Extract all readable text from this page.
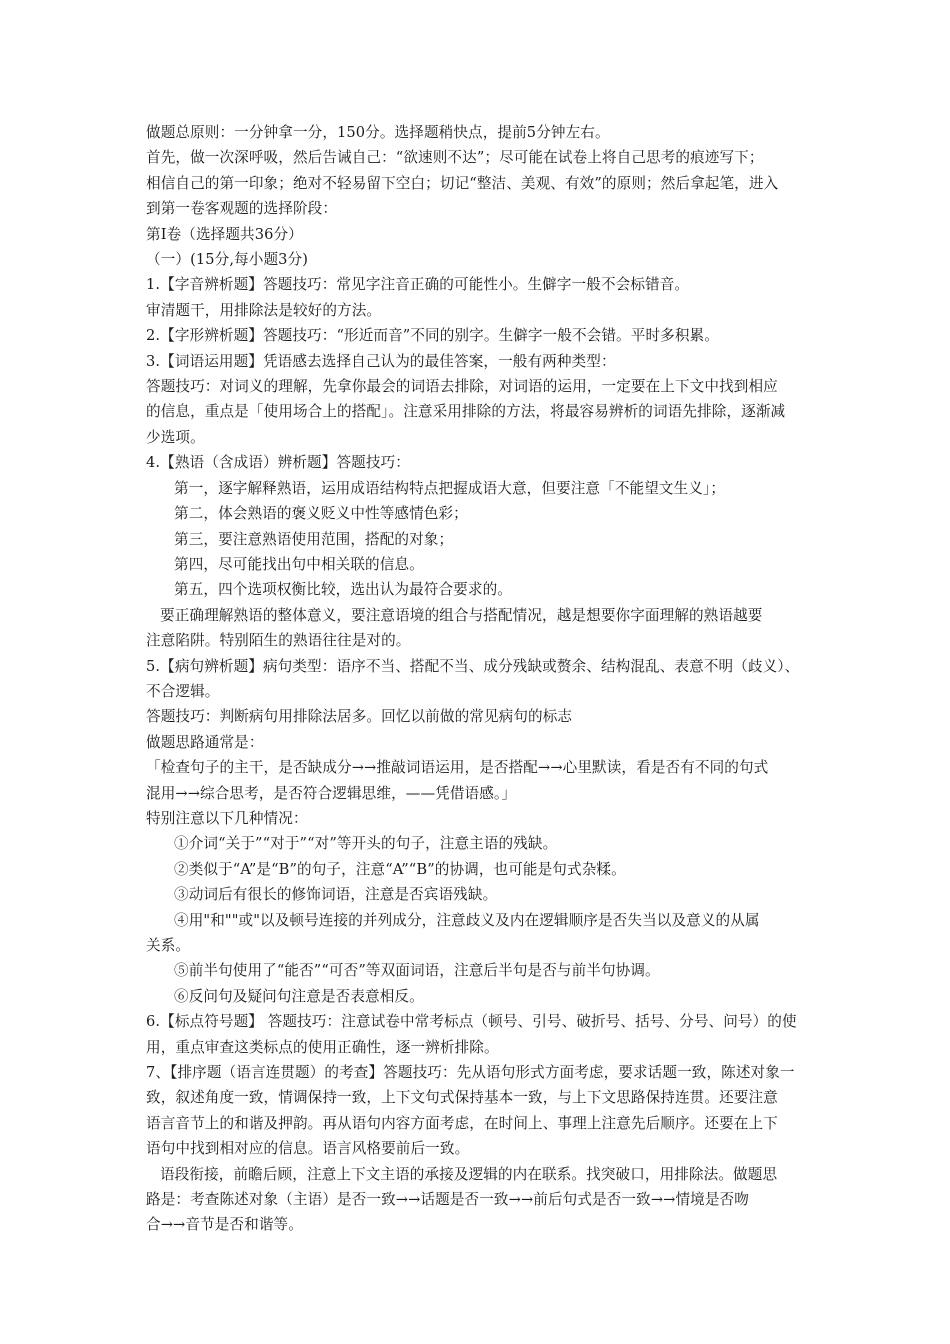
做题总原则：一分钟拿一分，150分。选择题稍快点，提前5分钟左右。
首先，做一次深呼吸，然后告诫自己：“欲速则不达”；尽可能在试卷上将自己思考的痕迹写下；
相信自己的第一印象；绝对不轻易留下空白；切记“整洁、美观、有效”的原则；然后拿起笔，进入
到第一卷客观题的选择阶段：
第Ⅰ卷（选择题共36分）
（一）(15分,每小题3分)
1.【字音辨析题】答题技巧：常见字注音正确的可能性小。生僻字一般不会标错音。
审清题干，用排除法是较好的方法。
2.【字形辨析题】答题技巧：“形近而音”不同的别字。生僻字一般不会错。平时多积累。
3.【词语运用题】凭语感去选择自己认为的最佳答案，一般有两种类型：
答题技巧：对词义的理解，先拿你最会的词语去排除，对词语的运用，一定要在上下文中找到相应
的信息，重点是「使用场合上的搭配」。注意采用排除的方法，将最容易辨析的词语先排除，逐渐减
少选项。
4.【熟语（含成语）辨析题】答题技巧：
第一，逐字解释熟语，运用成语结构特点把握成语大意，但要注意「不能望文生义」；
第二，体会熟语的褒义贬义中性等感情色彩；
第三，要注意熟语使用范围，搭配的对象；
第四，尽可能找出句中相关联的信息。
第五，四个选项权衡比较，选出认为最符合要求的。
要正确理解熟语的整体意义，要注意语境的组合与搭配情况，越是想要你字面理解的熟语越要
注意陷阱。特别陌生的熟语往往是对的。
5.【病句辨析题】病句类型：语序不当、搭配不当、成分残缺或赘余、结构混乱、表意不明（歧义）、
不合逻辑。
答题技巧：判断病句用排除法居多。回忆以前做的常见病句的标志
做题思路通常是：
「检查句子的主干，是否缺成分→→推敲词语运用，是否搭配→→心里默读，看是否有不同的句式
混用→→综合思考，是否符合逻辑思维，——凭借语感。」
特别注意以下几种情况：
①介词“关于”“对于”“对”等开头的句子，注意主语的残缺。
②类似于“A”是“B”的句子，注意“A”“B”的协调，也可能是句式杂糅。
③动词后有很长的修饰词语，注意是否宾语残缺。
④用"和""或"以及顿号连接的并列成分，注意歧义及内在逻辑顺序是否失当以及意义的从属
关系。
⑤前半句使用了“能否”“可否”等双面词语，注意后半句是否与前半句协调。
⑥反问句及疑问句注意是否表意相反。
6.【标点符号题】 答题技巧：注意试卷中常考标点（顿号、引号、破折号、括号、分号、问号）的使
用，重点审查这类标点的使用正确性，逐一辨析排除。
7、【排序题（语言连贯题）的考查】答题技巧：先从语句形式方面考虑，要求话题一致，陈述对象一
致，叙述角度一致，情调保持一致，上下文句式保持基本一致，与上下文思路保持连贯。还要注意
语言音节上的和谐及押韵。再从语句内容方面考虑，在时间上、事理上注意先后顺序。还要在上下
语句中找到相对应的信息。语言风格要前后一致。
语段衔接，前瞻后顾，注意上下文主语的承接及逻辑的内在联系。找突破口，用排除法。做题思
路是：考查陈述对象（主语）是否一致→→话题是否一致→→前后句式是否一致→→情境是否吻
合→→音节是否和谐等。
